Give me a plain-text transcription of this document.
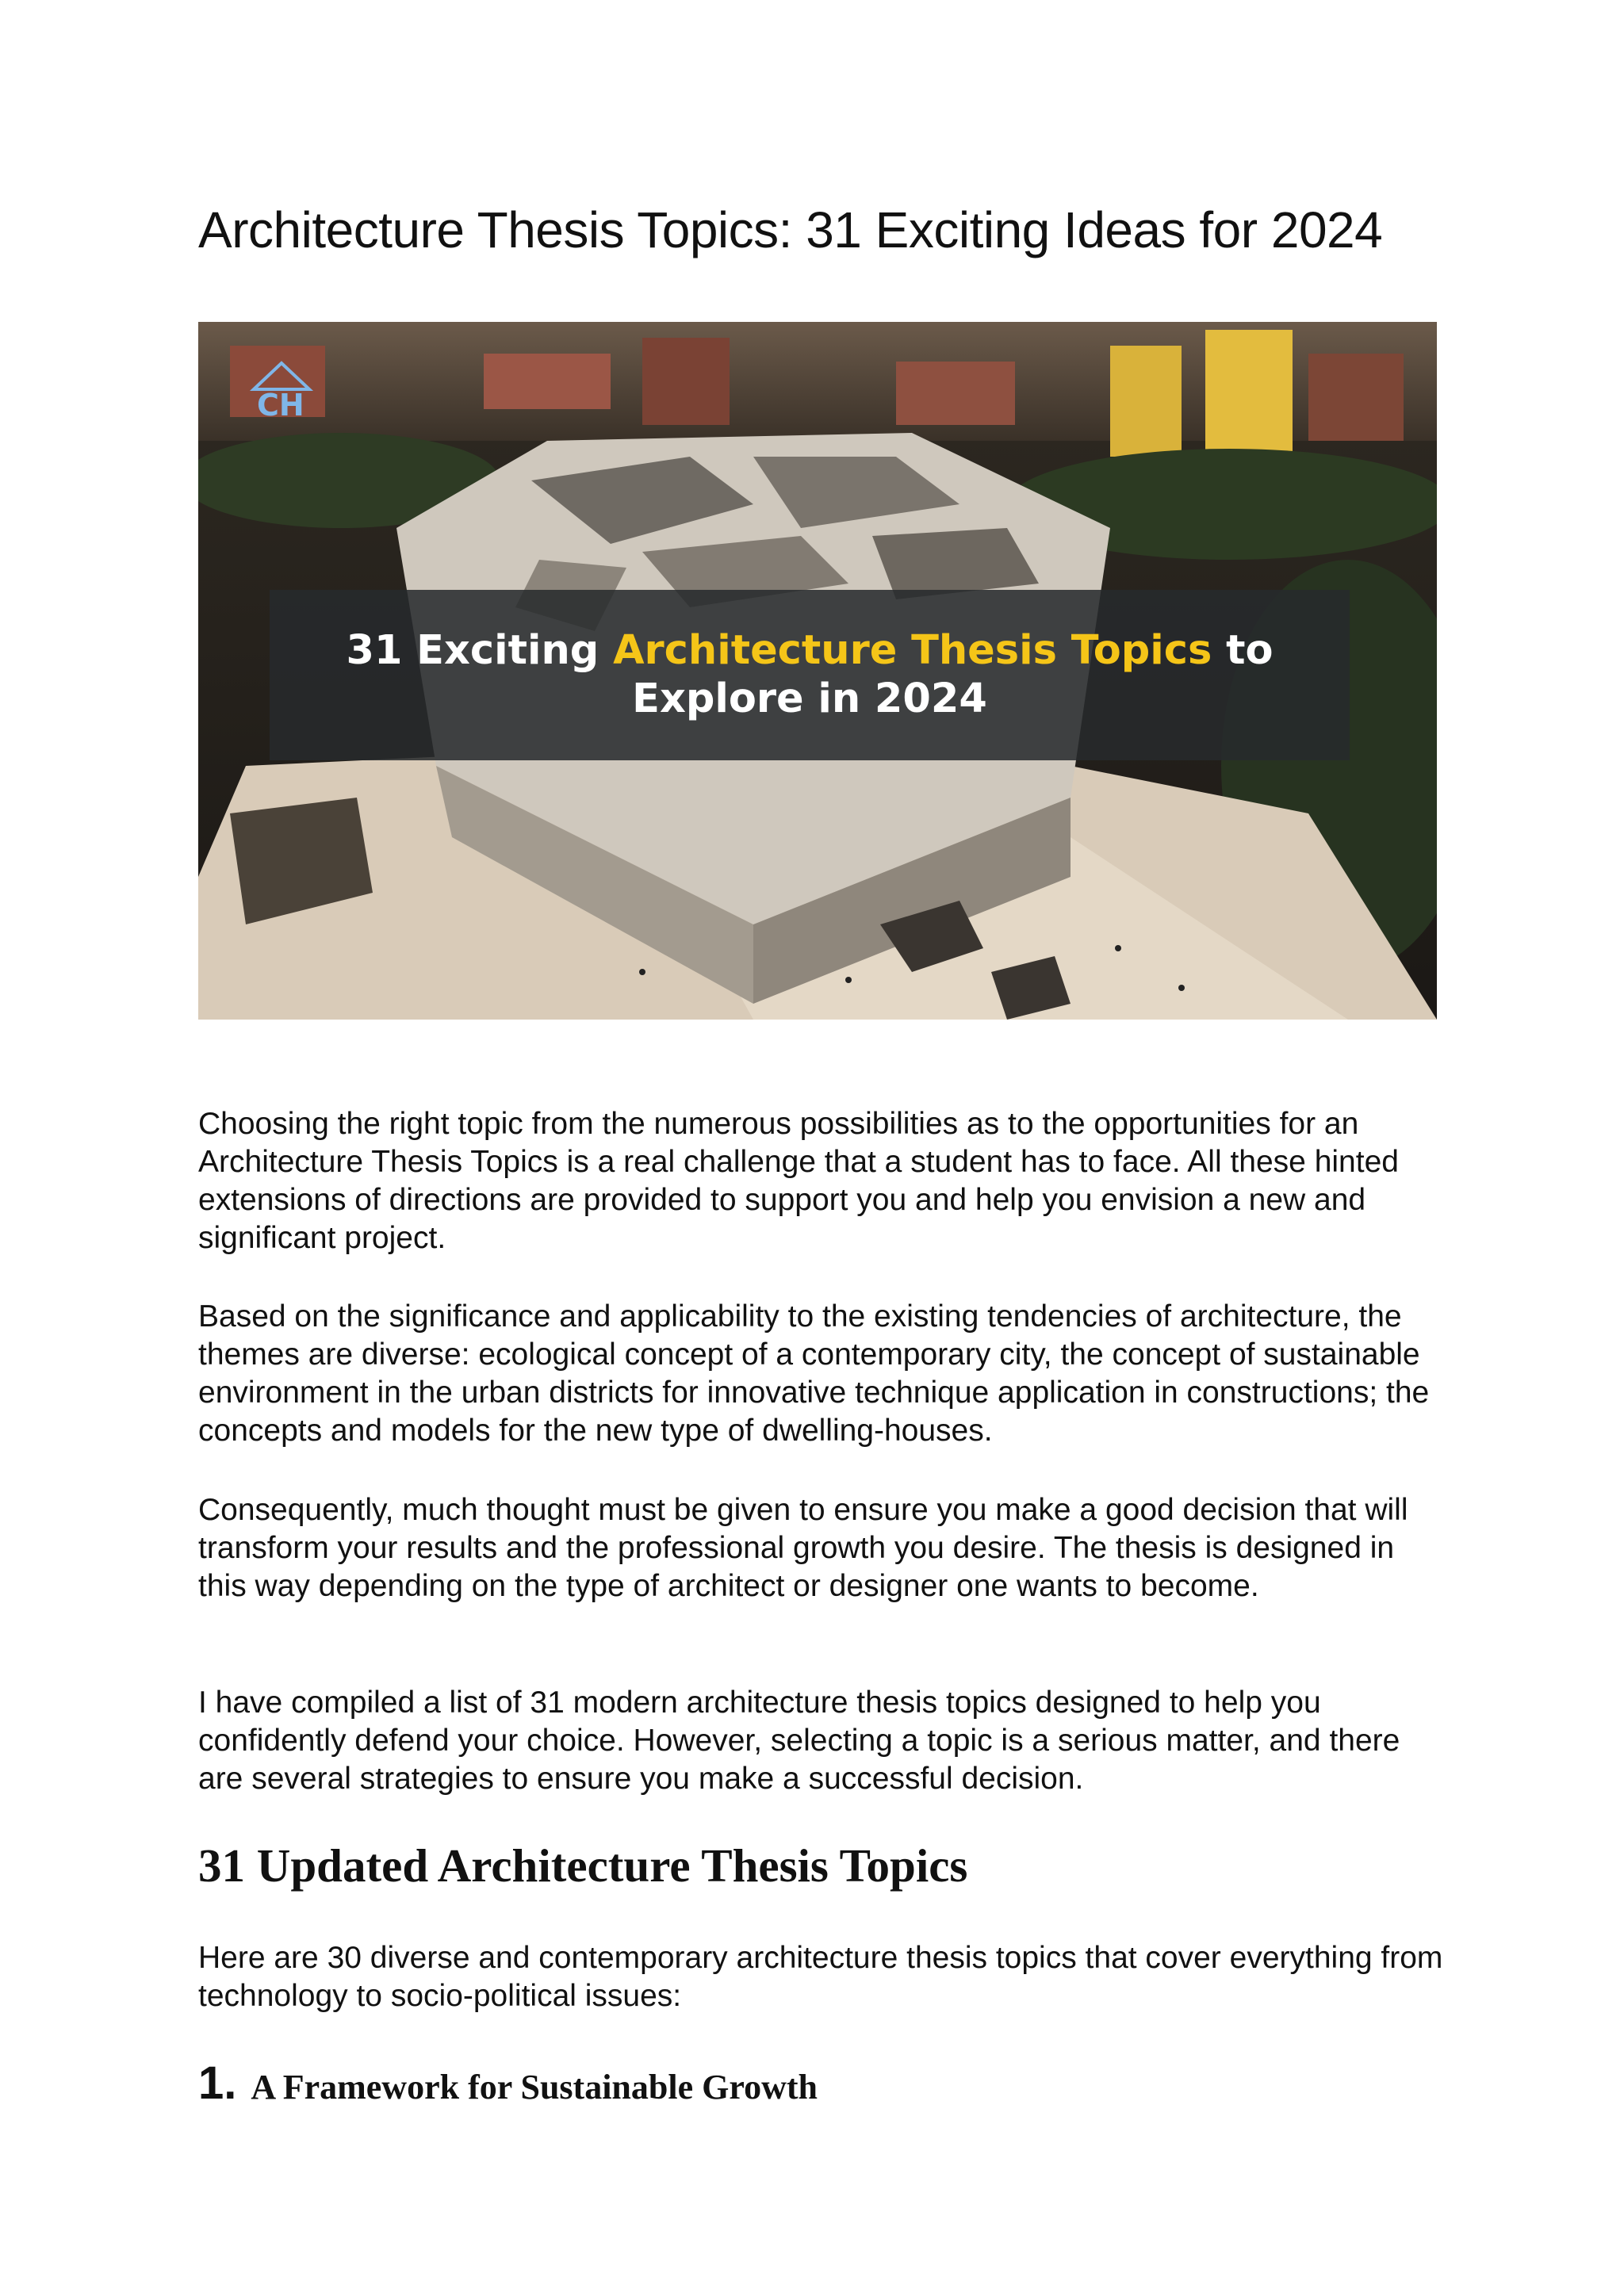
Architecture Thesis Topics: 31 Exciting Ideas for 2024
CH
31 Exciting Architecture Thesis Topics to
Explore in 2024

Choosing the right topic from the numerous possibilities as to the opportunities for an Architecture Thesis Topics is a real challenge that a student has to face. All these hinted extensions of directions are provided to support you and help you envision a new and significant project.

Based on the significance and applicability to the existing tendencies of architecture, the themes are diverse: ecological concept of a contemporary city, the concept of sustainable environment in the urban districts for innovative technique application in constructions; the concepts and models for the new type of dwelling-houses.

Consequently, much thought must be given to ensure you make a good decision that will transform your results and the professional growth you desire. The thesis is designed in this way depending on the type of architect or designer one wants to become.

I have compiled a list of 31 modern architecture thesis topics designed to help you confidently defend your choice. However, selecting a topic is a serious matter, and there are several strategies to ensure you make a successful decision.

31 Updated Architecture Thesis Topics

Here are 30 diverse and contemporary architecture thesis topics that cover everything from technology to socio-political issues:

1. A Framework for Sustainable Growth
